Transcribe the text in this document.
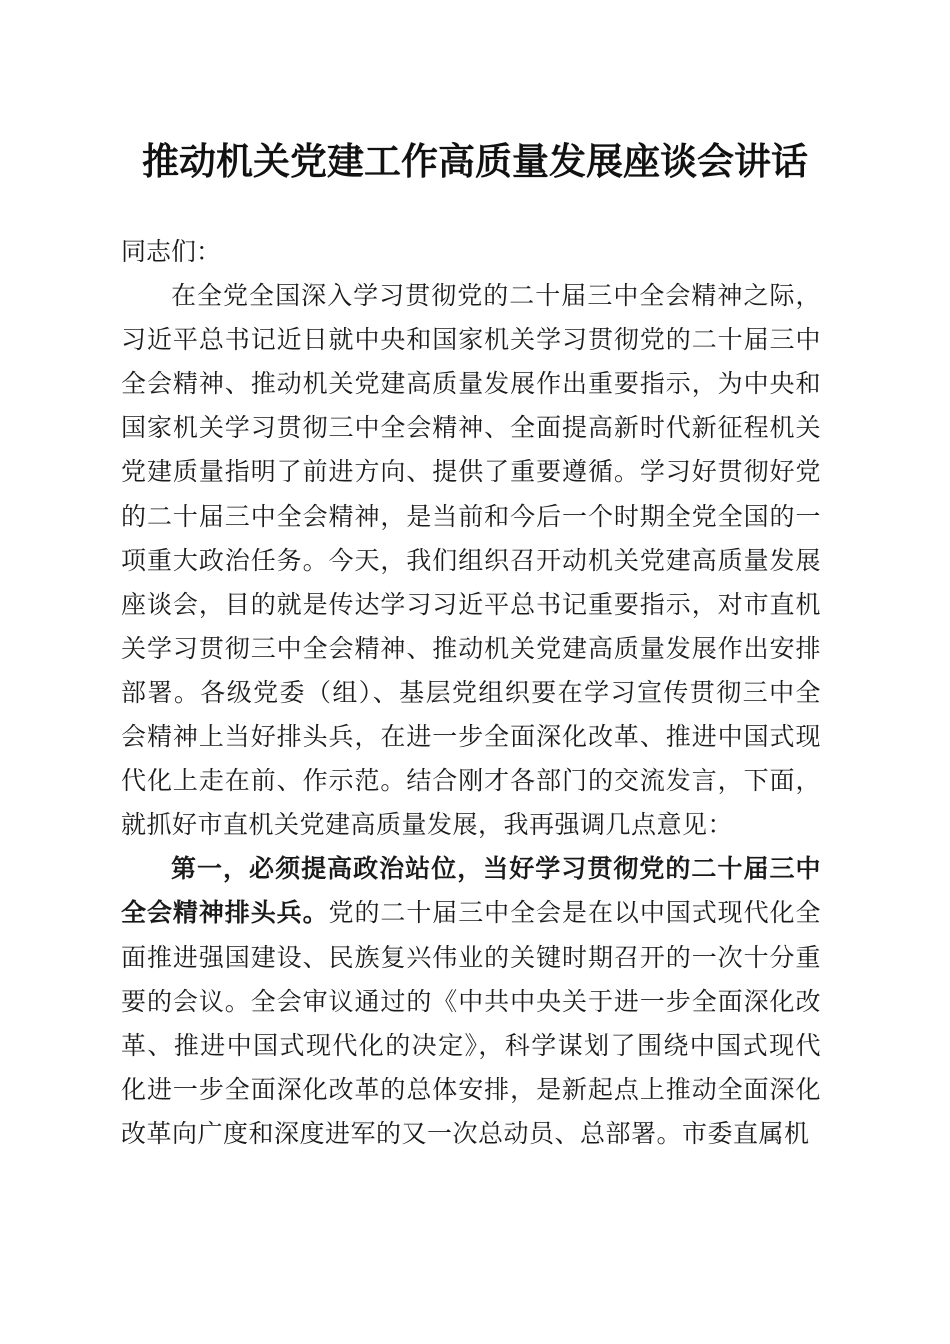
推动机关党建工作高质量发展座谈会讲话

同志们：

在全党全国深入学习贯彻党的二十届三中全会精神之际，习近平总书记近日就中央和国家机关学习贯彻党的二十届三中全会精神、推动机关党建高质量发展作出重要指示，为中央和国家机关学习贯彻三中全会精神、全面提高新时代新征程机关党建质量指明了前进方向、提供了重要遵循。学习好贯彻好党的二十届三中全会精神，是当前和今后一个时期全党全国的一项重大政治任务。今天，我们组织召开动机关党建高质量发展座谈会，目的就是传达学习习近平总书记重要指示，对市直机关学习贯彻三中全会精神、推动机关党建高质量发展作出安排部署。各级党委（组）、基层党组织要在学习宣传贯彻三中全会精神上当好排头兵，在进一步全面深化改革、推进中国式现代化上走在前、作示范。结合刚才各部门的交流发言，下面，就抓好市直机关党建高质量发展，我再强调几点意见：

第一，必须提高政治站位，当好学习贯彻党的二十届三中全会精神排头兵。党的二十届三中全会是在以中国式现代化全面推进强国建设、民族复兴伟业的关键时期召开的一次十分重要的会议。全会审议通过的《中共中央关于进一步全面深化改革、推进中国式现代化的决定》，科学谋划了围绕中国式现代化进一步全面深化改革的总体安排，是新起点上推动全面深化改革向广度和深度进军的又一次总动员、总部署。市委直属机
